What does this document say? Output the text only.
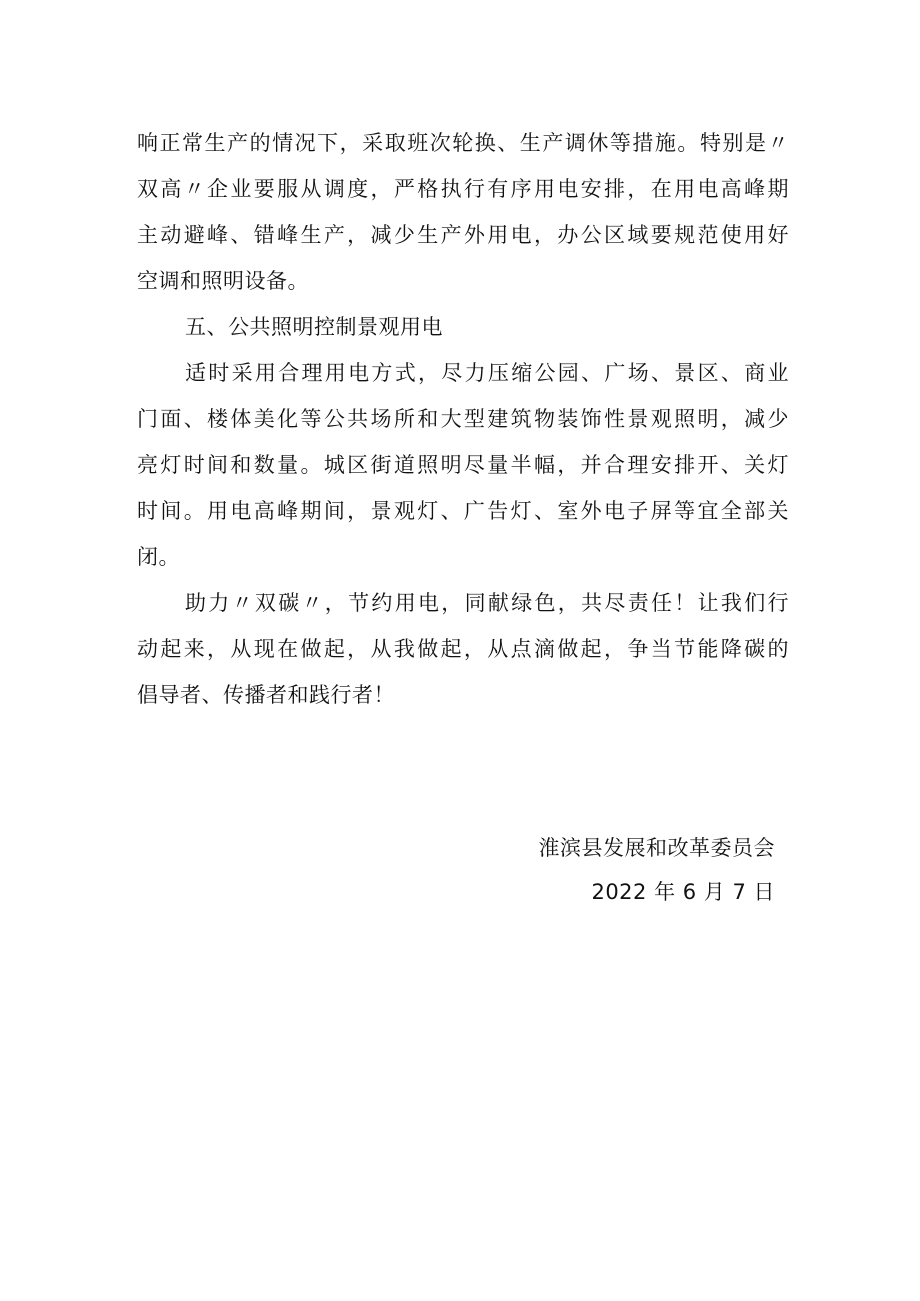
响正常生产的情况下，采取班次轮换、生产调休等措施。特别是〃
双高〃企业要服从调度，严格执行有序用电安排，在用电高峰期
主动避峰、错峰生产，减少生产外用电，办公区域要规范使用好
空调和照明设备。
五、公共照明控制景观用电
适时采用合理用电方式，尽力压缩公园、广场、景区、商业
门面、楼体美化等公共场所和大型建筑物装饰性景观照明，减少
亮灯时间和数量。城区街道照明尽量半幅，并合理安排开、关灯
时间。用电高峰期间，景观灯、广告灯、室外电子屏等宜全部关
闭。
助力〃双碳〃，节约用电，同献绿色，共尽责任！让我们行
动起来，从现在做起，从我做起，从点滴做起，争当节能降碳的
倡导者、传播者和践行者！
淮滨县发展和改革委员会
2022 年 6 月 7 日
